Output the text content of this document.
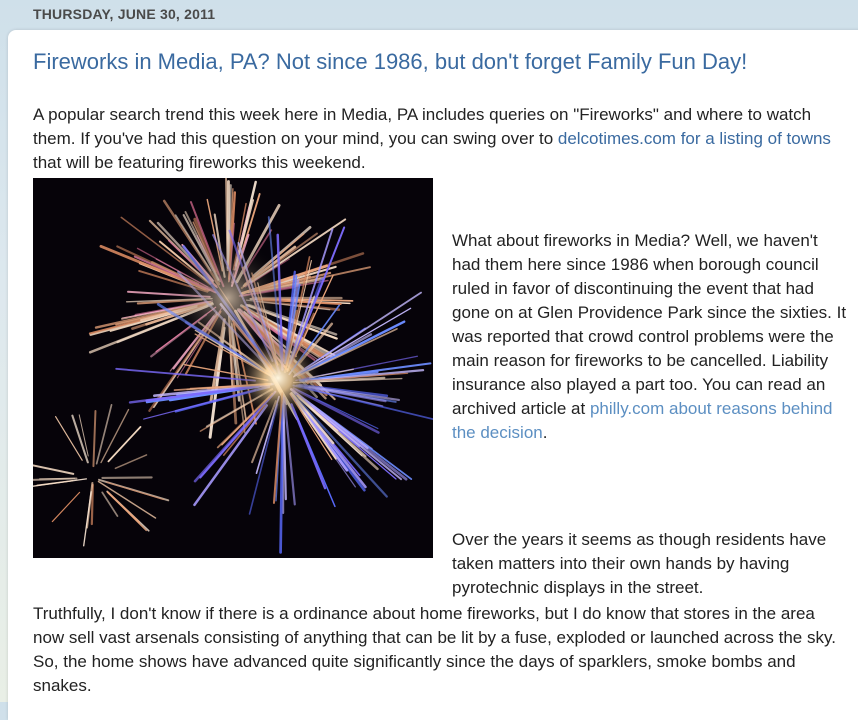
THURSDAY, JUNE 30, 2011
Fireworks in Media, PA? Not since 1986, but don't forget Family Fun Day!
A popular search trend this week here in Media, PA includes queries on "Fireworks" and where to watch them. If you've had this question on your mind, you can swing over to delcotimes.com for a listing of towns that will be featuring fireworks this weekend.
What about fireworks in Media? Well, we haven't had them here since 1986 when borough council ruled in favor of discontinuing the event that had gone on at Glen Providence Park since the sixties. It was reported that crowd control problems were the main reason for fireworks to be cancelled. Liability insurance also played a part too. You can read an archived article at philly.com about reasons behind the decision.
Over the years it seems as though residents have taken matters into their own hands by having pyrotechnic displays in the street.
Truthfully, I don't know if there is a ordinance about home fireworks, but I do know that stores in the area now sell vast arsenals consisting of anything that can be lit by a fuse, exploded or launched across the sky. So, the home shows have advanced quite significantly since the days of sparklers, smoke bombs and snakes.
